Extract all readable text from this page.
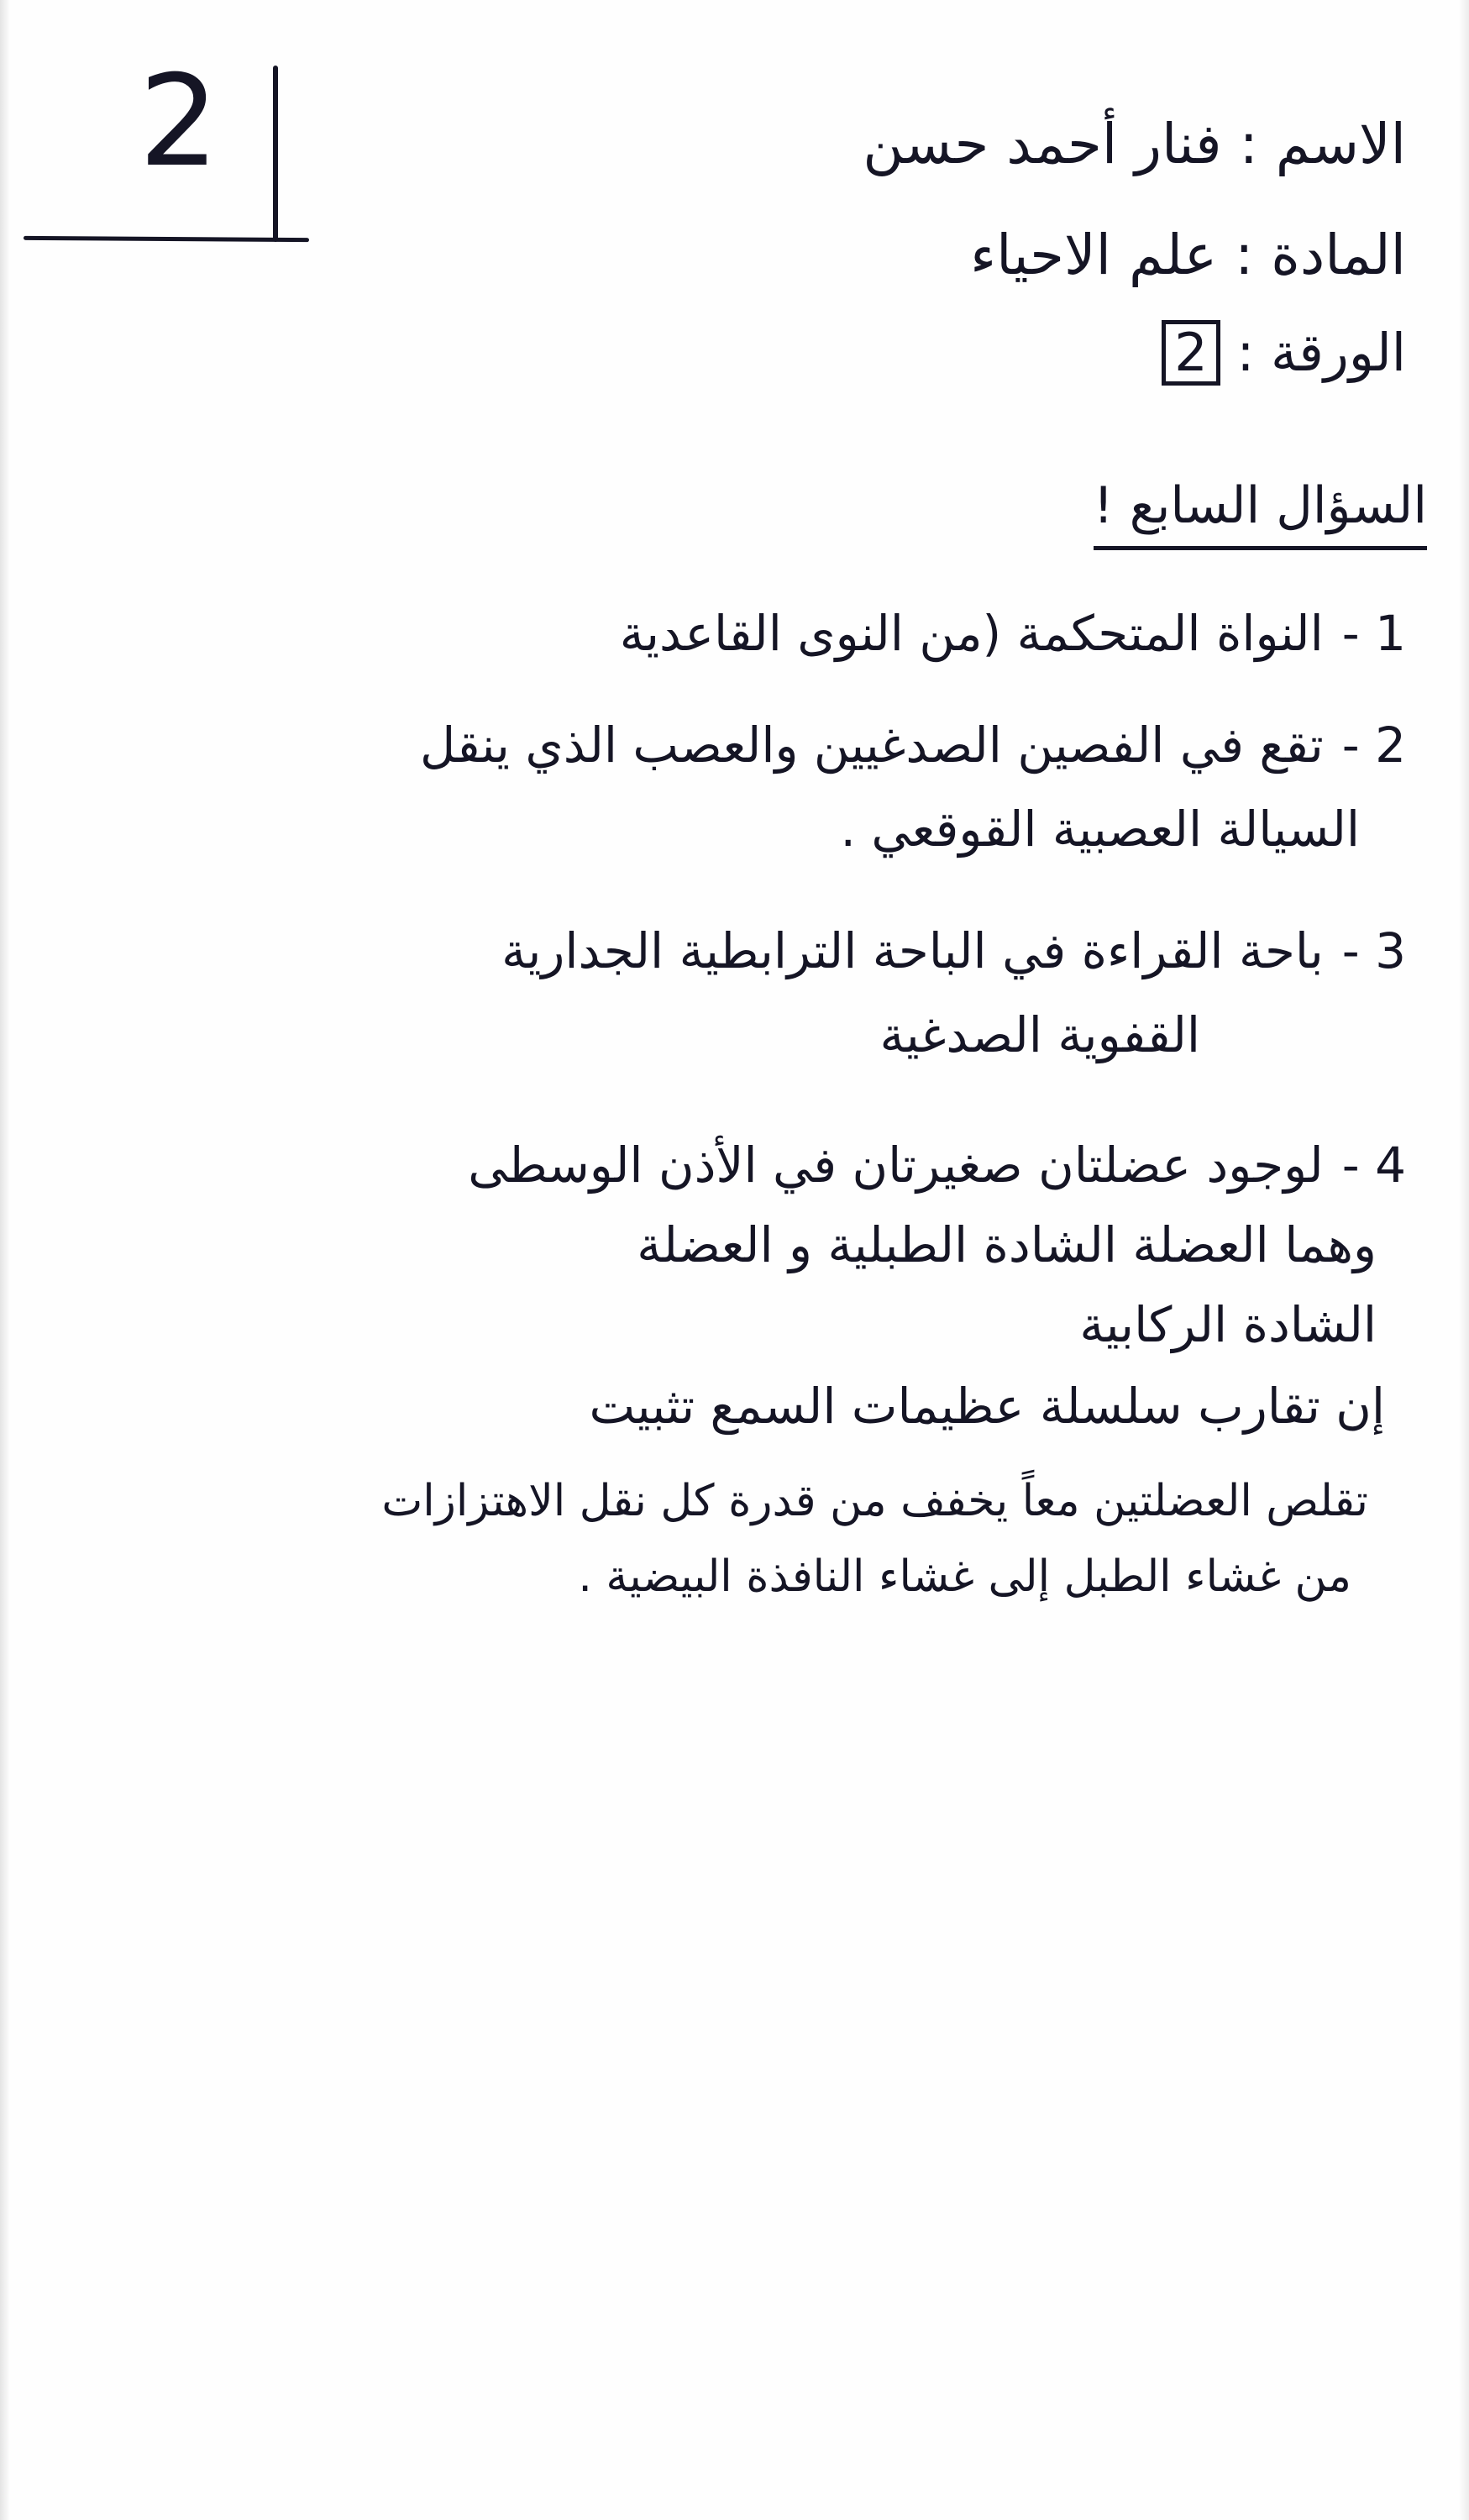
2	الاسم : فنار أحمد حسن
المادة : علم الاحياء
الورقة : 2
السؤال السابع !
1 -النواة المتحكمة (من النوى القاعدية
2 -تقع في الفصين الصدغيين والعصب الذي ينقل
السيالة العصبية القوقعي .
3 -باحة القراءة في الباحة الترابطية الجدارية
القفوية الصدغية
4 -لوجود عضلتان صغيرتان في الأذن الوسطى
وهما العضلة الشادة الطبلية و العضلة
الشادة الركابية
إن تقارب سلسلة عظيمات السمع تثبيت
تقلص العضلتين معاً يخفف من قدرة كل نقل الاهتزازات
من غشاء الطبل إلى غشاء النافذة البيضية .
